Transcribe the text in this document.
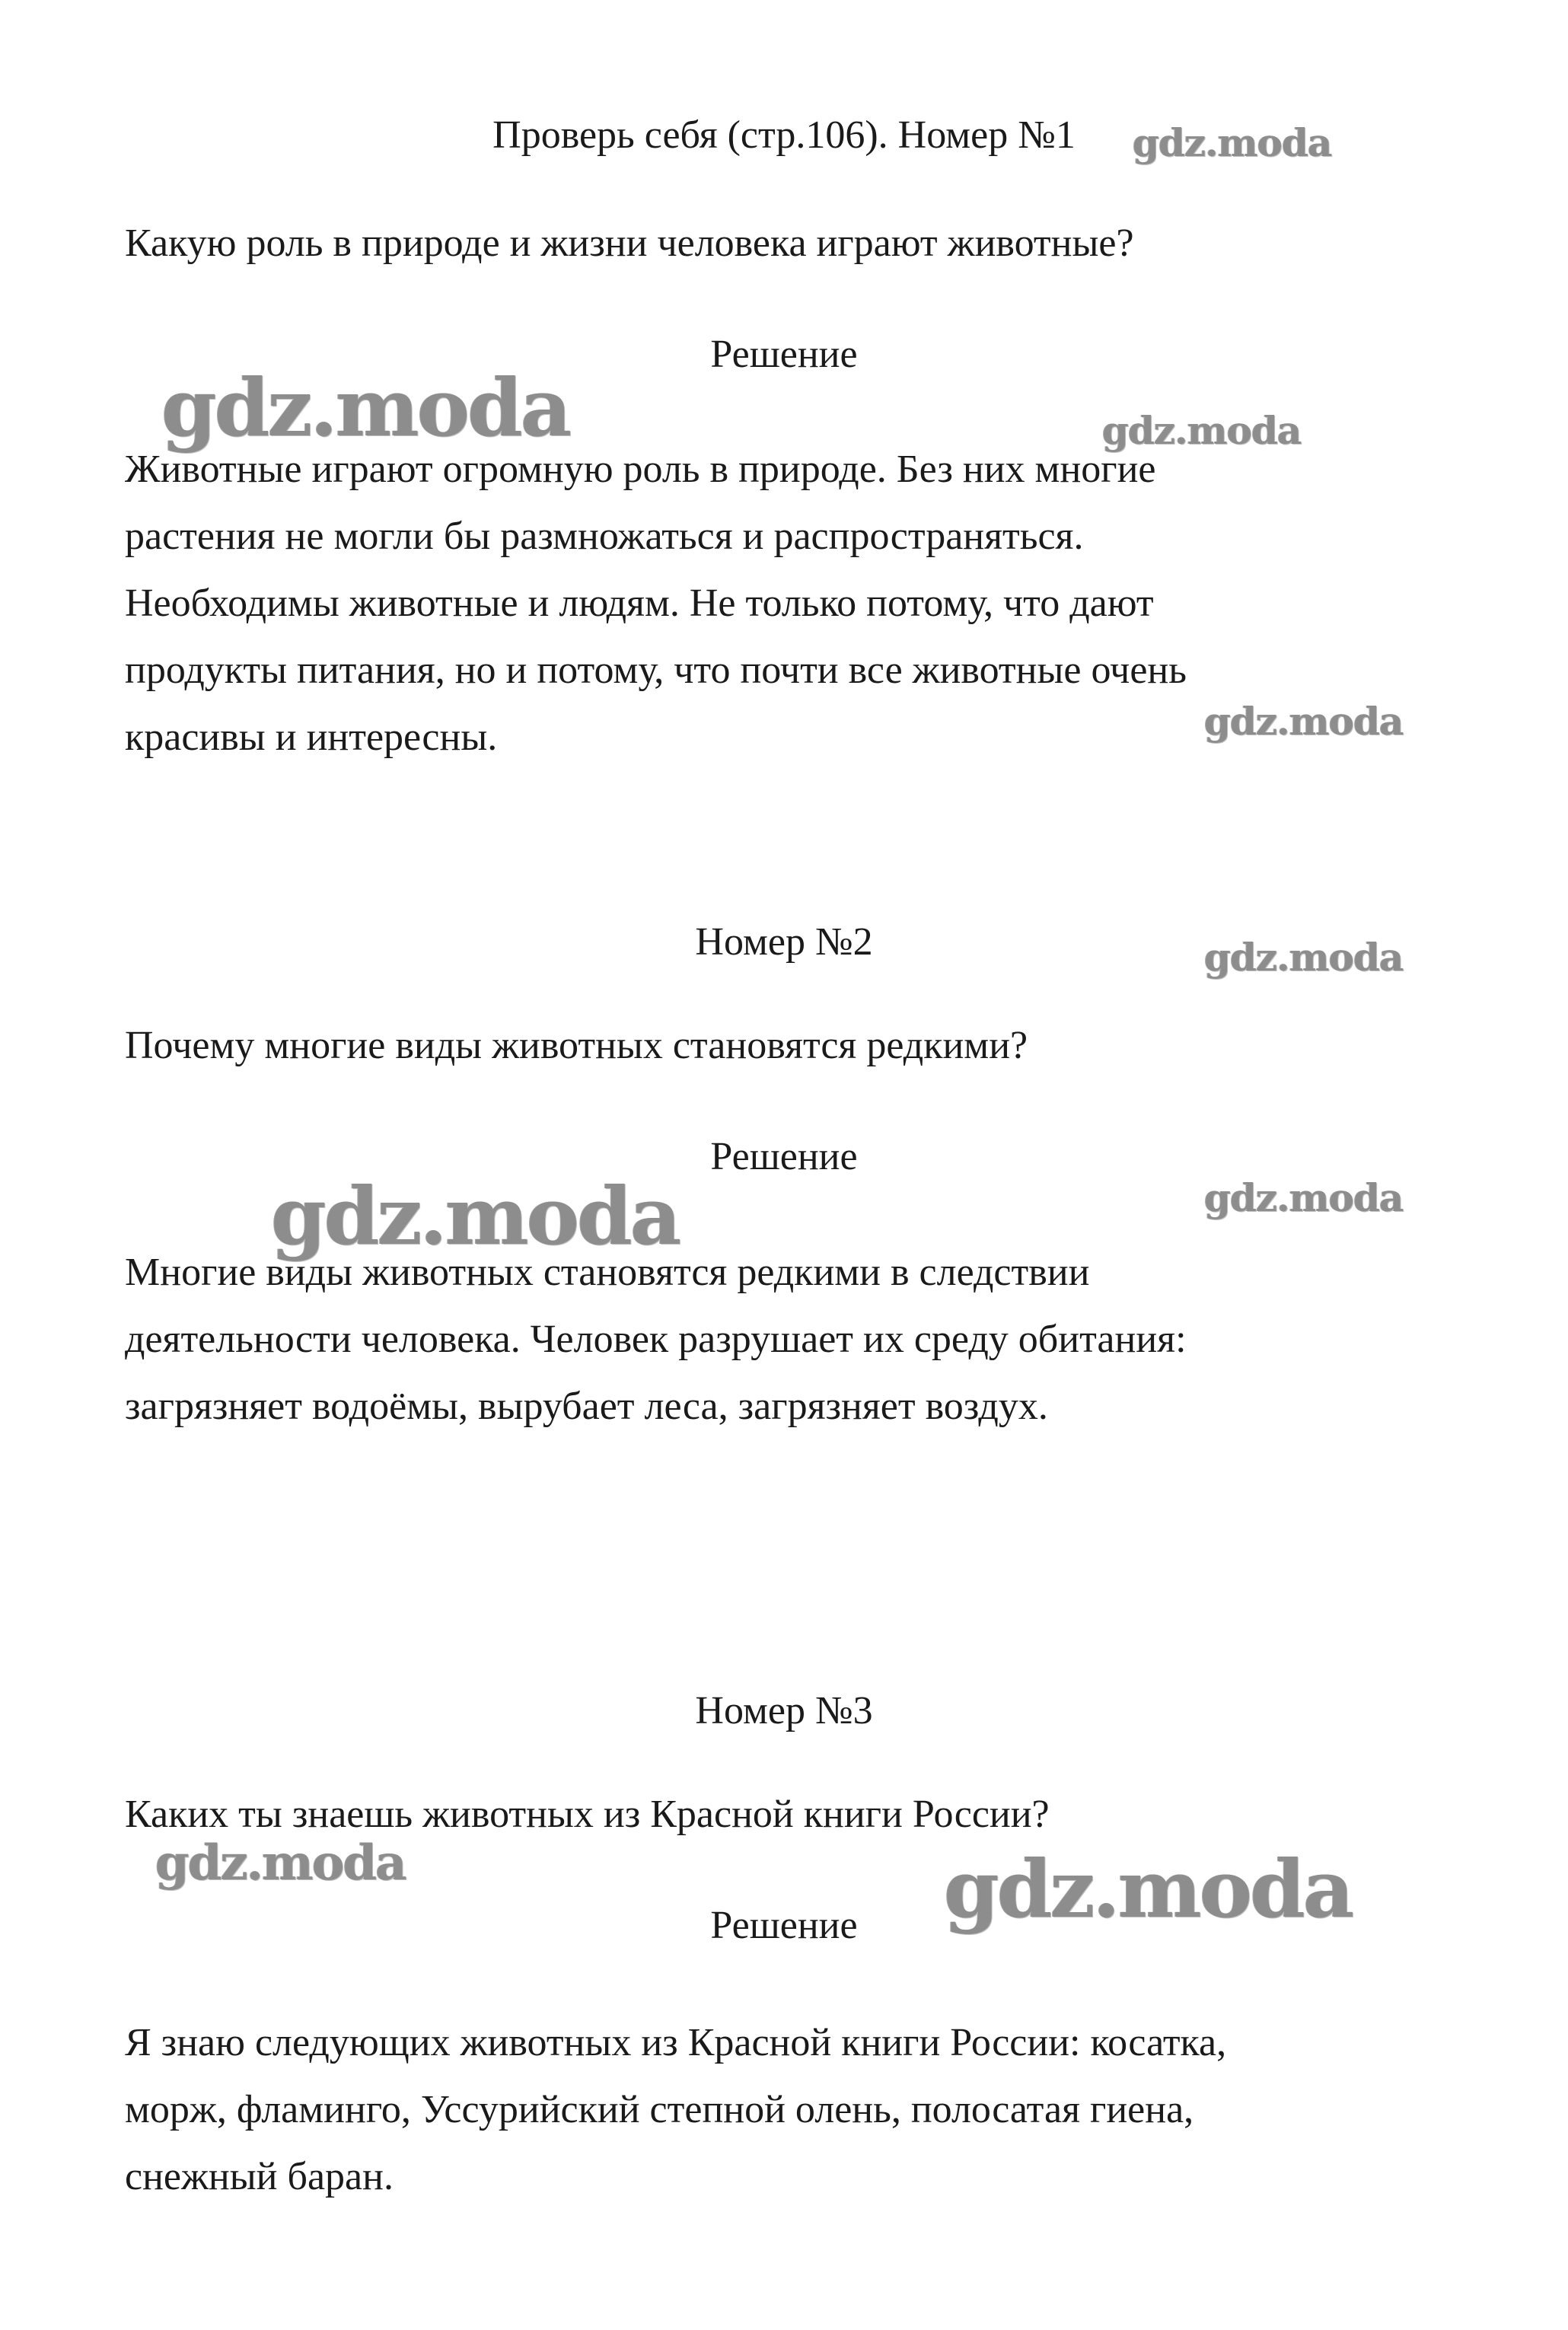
Проверь себя (стр.106). Номер №1

Какую роль в природе и жизни человека играют животные?

Решение

Животные играют огромную роль в природе. Без них многие
растения не могли бы размножаться и распространяться.
Необходимы животные и людям. Не только потому, что дают
продукты питания, но и потому, что почти все животные очень
красивы и интересны.

Номер №2

Почему многие виды животных становятся редкими?

Решение

Многие виды животных становятся редкими в следствии
деятельности человека. Человек разрушает их среду обитания:
загрязняет водоёмы, вырубает леса, загрязняет воздух.

Номер №3

Каких ты знаешь животных из Красной книги России?

Решение

Я знаю следующих животных из Красной книги России: косатка,
морж, фламинго, Уссурийский степной олень, полосатая гиена,
снежный баран.
gdz.moda
gdz.moda	gdz.moda
gdz.moda
gdz.moda
gdz.moda	gdz.moda
gdz.moda	gdz.moda
